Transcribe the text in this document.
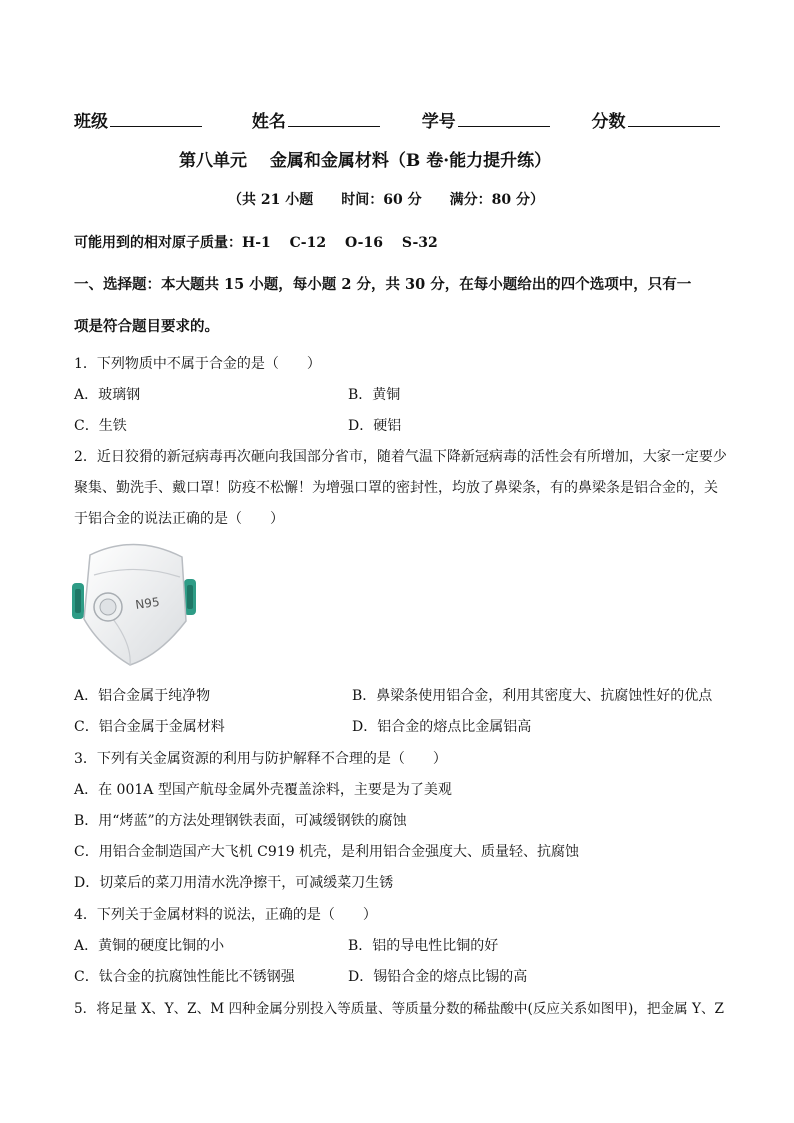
班级	姓名	学号	分数
第八单元　 金属和金属材料（B 卷·能力提升练）
（共 21 小题　　时间：60 分　　满分：80 分）
可能用到的相对原子质量：H-1　 C-12　 O-16　 S-32
一、选择题：本大题共 15 小题，每小题 2 分，共 30 分，在每小题给出的四个选项中，只有一
项是符合题目要求的。
1．下列物质中不属于合金的是（　　）
A．玻璃钢	B．黄铜
C．生铁	D．硬铝
2．近日狡猾的新冠病毒再次砸向我国部分省市，随着气温下降新冠病毒的活性会有所增加，大家一定要少
聚集、勤洗手、戴口罩！防疫不松懈！为增强口罩的密封性，均放了鼻梁条，有的鼻梁条是铝合金的，关
于铝合金的说法正确的是（　　）
N95
A．铝合金属于纯净物	B．鼻梁条使用铝合金，利用其密度大、抗腐蚀性好的优点
C．铝合金属于金属材料	D．铝合金的熔点比金属铝高
3．下列有关金属资源的利用与防护解释不合理的是（　　）
A．在 001A 型国产航母金属外壳覆盖涂料，主要是为了美观
B．用“烤蓝”的方法处理钢铁表面，可减缓钢铁的腐蚀
C．用铝合金制造国产大飞机 C919 机壳，是利用铝合金强度大、质量轻、抗腐蚀
D．切菜后的菜刀用清水洗净擦干，可减缓菜刀生锈
4．下列关于金属材料的说法，正确的是（　　）
A．黄铜的硬度比铜的小	B．铝的导电性比铜的好
C．钛合金的抗腐蚀性能比不锈钢强	D．锡铅合金的熔点比锡的高
5．将足量 X、Y、Z、M 四种金属分别投入等质量、等质量分数的稀盐酸中(反应关系如图甲)，把金属 Y、Z
